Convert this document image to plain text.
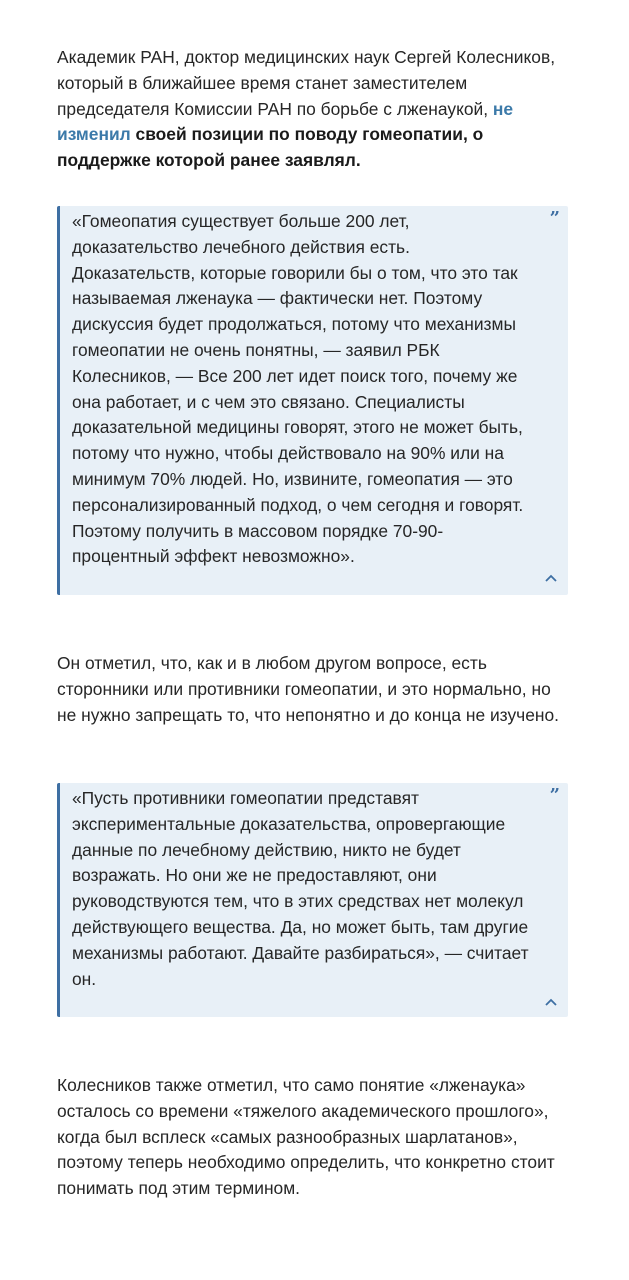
Академик РАН, доктор медицинских наук Сергей Колесников, который в ближайшее время станет заместителем председателя Комиссии РАН по борьбе с лженаукой, не изменил своей позиции по поводу гомеопатии, о поддержке которой ранее заявлял.

«Гомеопатия существует больше 200 лет, доказательство лечебного действия есть. Доказательств, которые говорили бы о том, что это так называемая лженаука — фактически нет. Поэтому дискуссия будет продолжаться, потому что механизмы гомеопатии не очень понятны, — заявил РБК Колесников, — Все 200 лет идет поиск того, почему же она работает, и с чем это связано. Специалисты доказательной медицины говорят, этого не может быть, потому что нужно, чтобы действовало на 90% или на минимум 70% людей. Но, извините, гомеопатия — это персонализированный подход, о чем сегодня и говорят. Поэтому получить в массовом порядке 70-90-процентный эффект невозможно».

”

Он отметил, что, как и в любом другом вопросе, есть сторонники или противники гомеопатии, и это нормально, но не нужно запрещать то, что непонятно и до конца не изучено.

«Пусть противники гомеопатии представят экспериментальные доказательства, опровергающие данные по лечебному действию, никто не будет возражать. Но они же не предоставляют, они руководствуются тем, что в этих средствах нет молекул действующего вещества. Да, но может быть, там другие механизмы работают. Давайте разбираться», — считает он.

”

Колесников также отметил, что само понятие «лженаука» осталось со времени «тяжелого академического прошлого», когда был всплеск «самых разнообразных шарлатанов», поэтому теперь необходимо определить, что конкретно стоит понимать под этим термином.
